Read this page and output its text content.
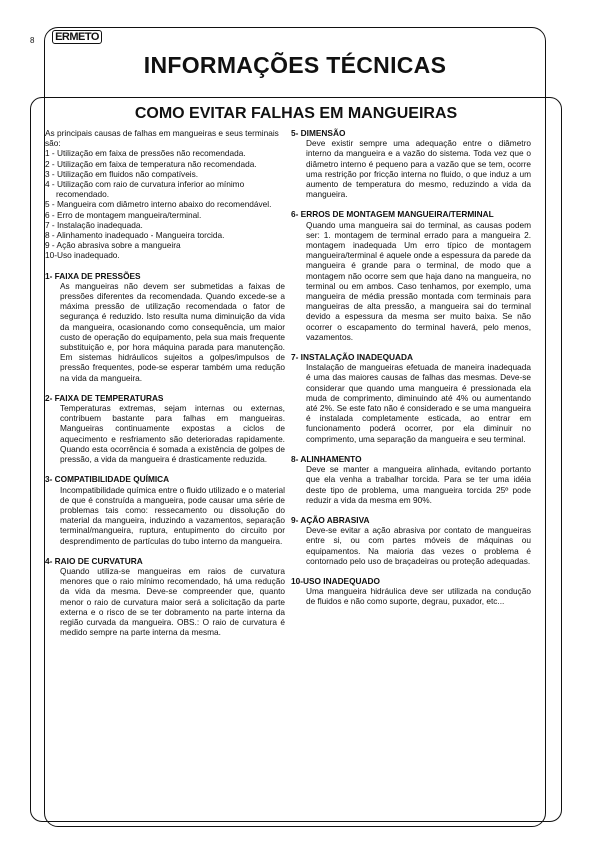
8 ERMETO
INFORMAÇÕES TÉCNICAS
COMO EVITAR FALHAS EM MANGUEIRAS

As principais causas de falhas em mangueiras e seus terminais são:

1 - Utilização em faixa de pressões não recomendada.

2 - Utilização em faixa de temperatura não recomendada.

3 - Utilização em fluidos não compatíveis.

4 - Utilização com raio de curvatura inferior ao mínimo recomendado.

5 - Mangueira com diâmetro interno abaixo do recomendável.

6 - Erro de montagem mangueira/terminal.

7 - Instalação inadequada.

8 - Alinhamento inadequado - Mangueira torcida.

9 - Ação abrasiva sobre a mangueira

10-Uso inadequado.

1- FAIXA DE PRESSÕES

As mangueiras não devem ser submetidas a faixas de pressões diferentes da recomendada. Quando excede-se a máxima pressão de utilização recomendada o fator de segurança é reduzido. Isto resulta numa diminuição da vida da mangueira, ocasionando como consequência, um maior custo de operação do equipamento, pela sua mais frequente substituição e, por hora máquina parada para manutenção. Em sistemas hidráulicos sujeitos a golpes/impulsos de pressão frequentes, pode-se esperar também uma redução na vida da mangueira.

2- FAIXA DE TEMPERATURAS

Temperaturas extremas, sejam internas ou externas, contribuem bastante para falhas em mangueiras. Mangueiras continuamente expostas a ciclos de aquecimento e resfriamento são deterioradas rapidamente. Quando esta ocorrência é somada a existência de golpes de pressão, a vida da mangueira é drasticamente reduzida.

3- COMPATIBILIDADE QUÍMICA

Incompatibilidade química entre o fluido utilizado e o material de que é construída a mangueira, pode causar uma série de problemas tais como: ressecamento ou dissolução do material da mangueira, induzindo a vazamentos, separação terminal/mangueira, ruptura, entupimento do circuito por desprendimento de partículas do tubo interno da mangueira.

4- RAIO DE CURVATURA

Quando utiliza-se mangueiras em raios de curvatura menores que o raio mínimo recomendado, há uma redução da vida da mesma. Deve-se compreender que, quanto menor o raio de curvatura maior será a solicitação da parte externa e o risco de se ter dobramento na parte interna da região curvada da mangueira. OBS.: O raio de curvatura é medido sempre na parte interna da mesma.

5- DIMENSÃO

Deve existir sempre uma adequação entre o diâmetro interno da mangueira e a vazão do sistema. Toda vez que o diâmetro interno é pequeno para a vazão que se tem, ocorre uma restrição por fricção interna no fluido, o que induz a um aumento de temperatura do mesmo, reduzindo a vida da mangueira.

6- ERROS DE MONTAGEM MANGUEIRA/TERMINAL

Quando uma mangueira sai do terminal, as causas podem ser: 1. montagem de terminal errado para a mangueira 2. montagem inadequada Um erro típico de montagem mangueira/terminal é aquele onde a espessura da parede da mangueira é grande para o terminal, de modo que a montagem não ocorre sem que haja dano na mangueira, no terminal ou em ambos. Caso tenhamos, por exemplo, uma mangueira de média pressão montada com terminais para mangueiras de alta pressão, a mangueira sai do terminal devido a espessura da mesma ser muito baixa. Se não ocorrer o escapamento do terminal haverá, pelo menos, vazamentos.

7- INSTALAÇÃO INADEQUADA

Instalação de mangueiras efetuada de maneira inadequada é uma das maiores causas de falhas das mesmas. Deve-se considerar que quando uma mangueira é pressionada ela muda de comprimento, diminuindo até 4% ou aumentando até 2%. Se este fato não é considerado e se uma mangueira é instalada completamente esticada, ao entrar em funcionamento poderá ocorrer, por ela diminuir no comprimento, uma separação da mangueira e seu terminal.

8- ALINHAMENTO

Deve se manter a mangueira alinhada, evitando portanto que ela venha a trabalhar torcida. Para se ter uma idéia deste tipo de problema, uma mangueira torcida 25º pode reduzir a vida da mesma em 90%.

9- AÇÃO ABRASIVA

Deve-se evitar a ação abrasiva por contato de mangueiras entre si, ou com partes móveis de máquinas ou equipamentos. Na maioria das vezes o problema é contornado pelo uso de braçadeiras ou proteção adequadas.

10-USO INADEQUADO

Uma mangueira hidráulica deve ser utilizada na condução de fluidos e não como suporte, degrau, puxador, etc...
